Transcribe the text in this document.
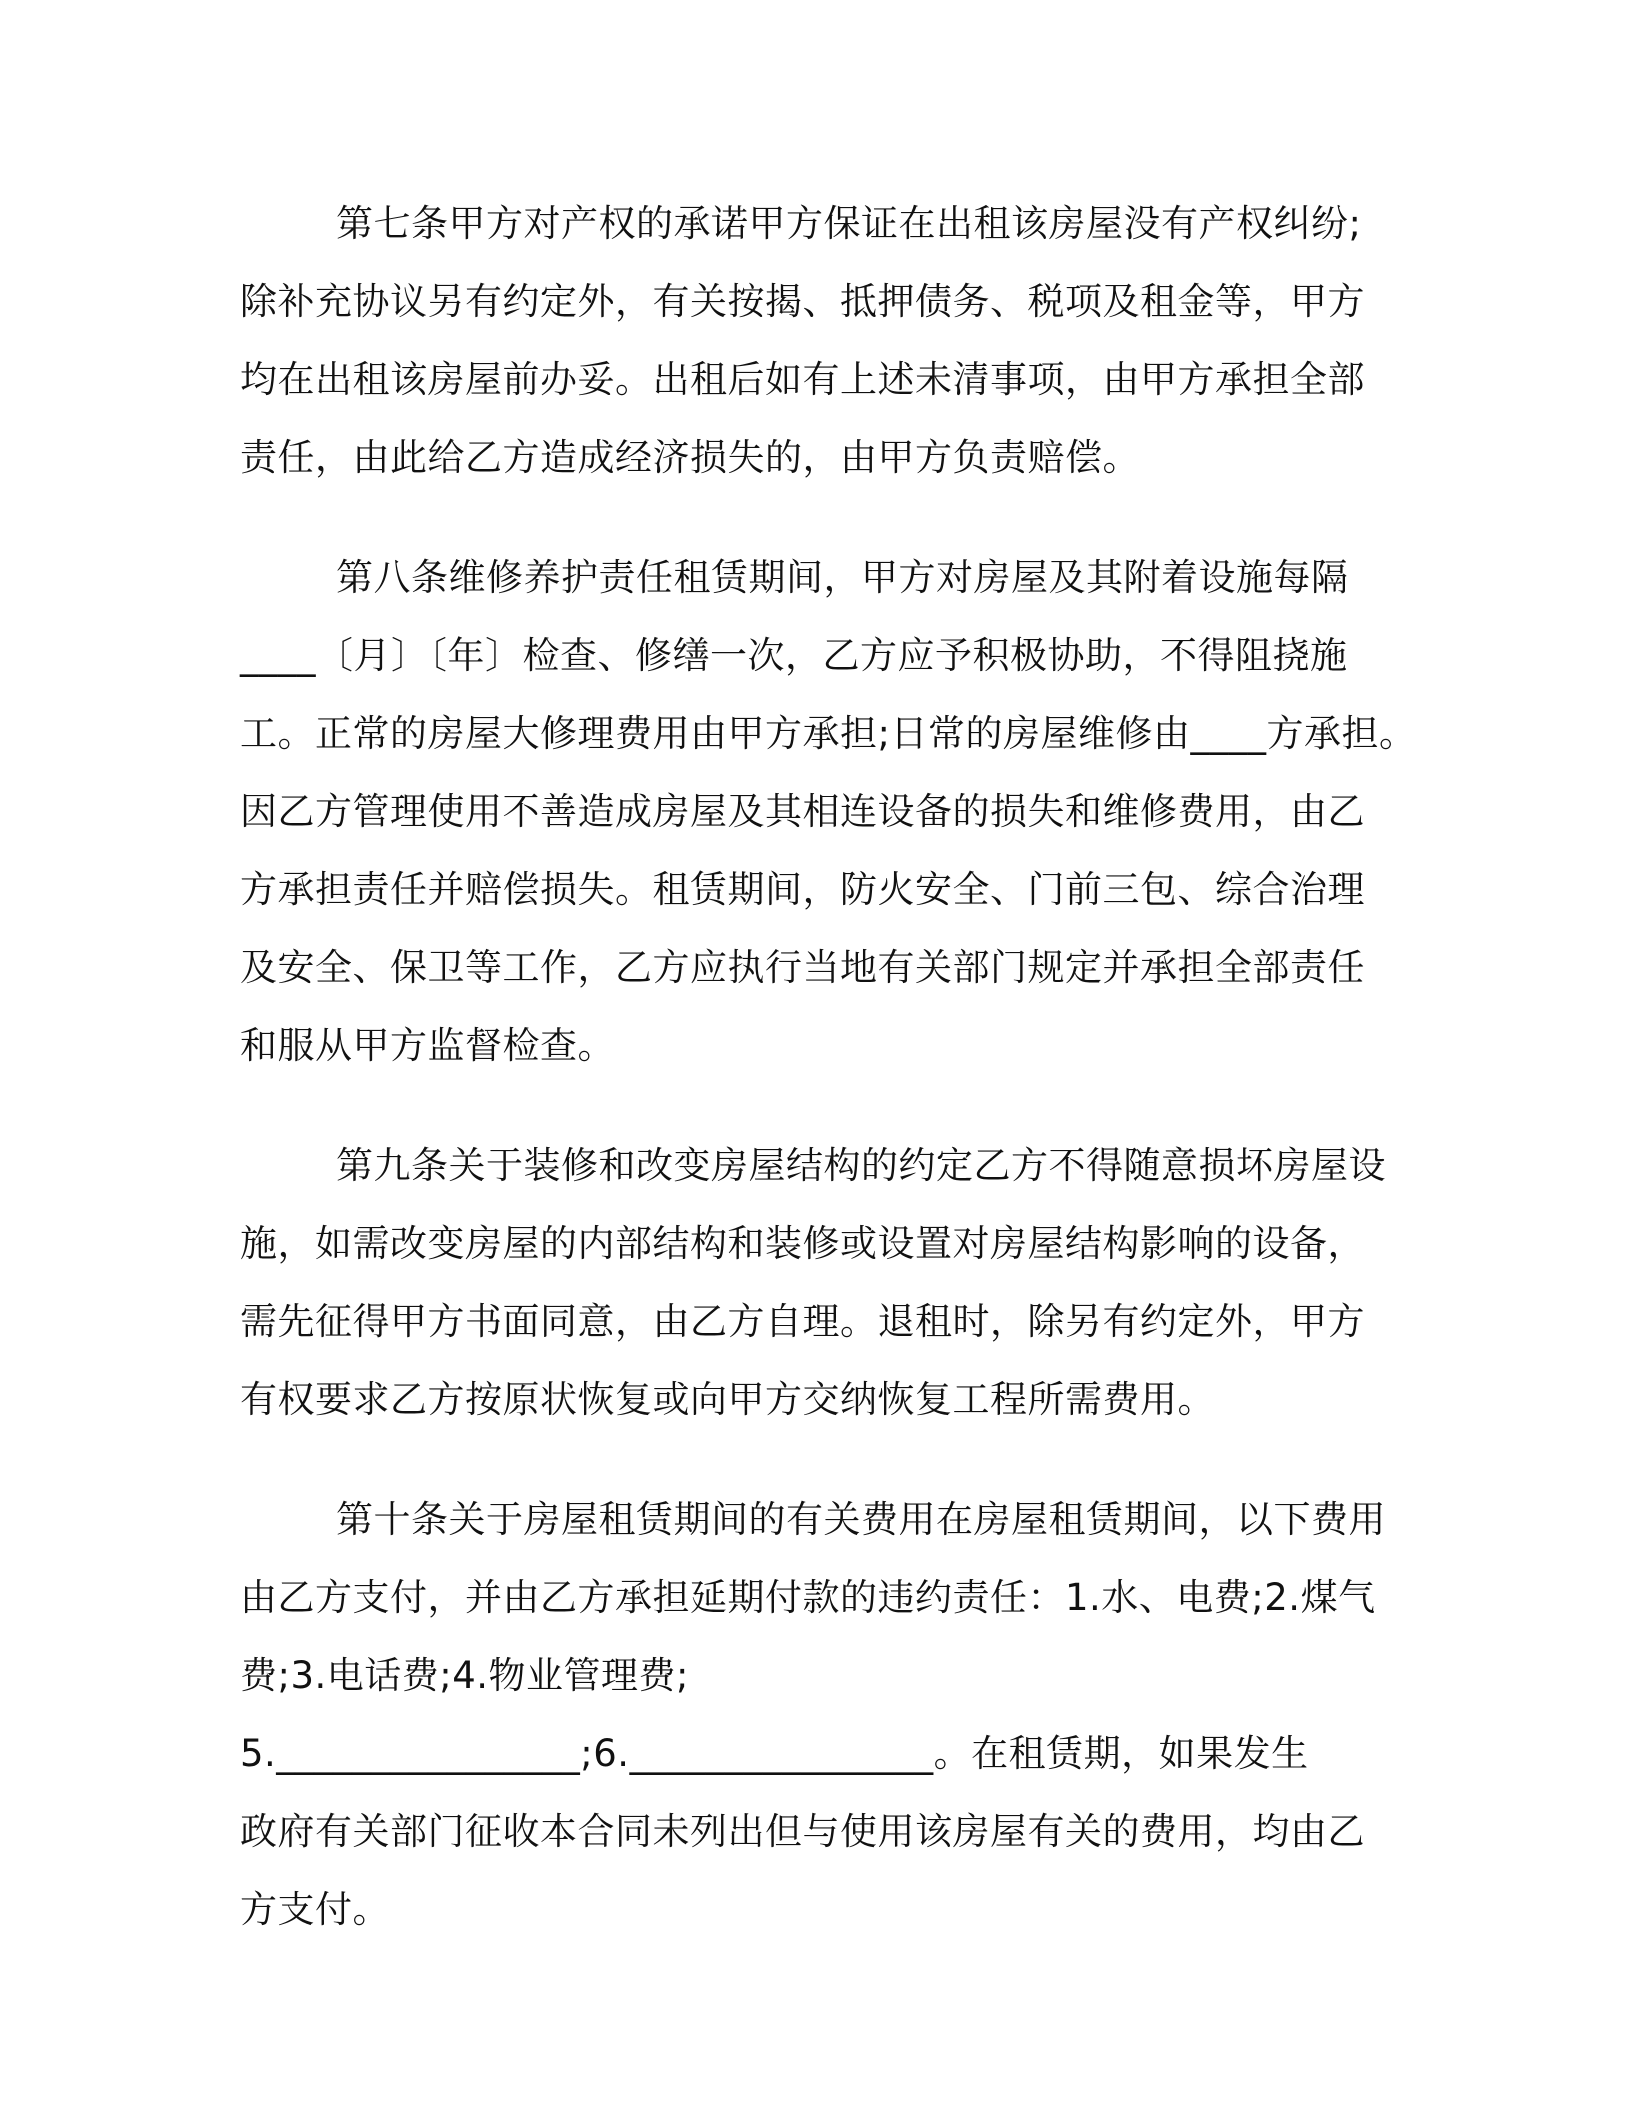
第七条甲方对产权的承诺甲方保证在出租该房屋没有产权纠纷;
除补充协议另有约定外，有关按揭、抵押债务、税项及租金等，甲方
均在出租该房屋前办妥。出租后如有上述未清事项，由甲方承担全部
责任，由此给乙方造成经济损失的，由甲方负责赔偿。
第八条维修养护责任租赁期间，甲方对房屋及其附着设施每隔
____〔月〕〔年〕检查、修缮一次，乙方应予积极协助，不得阻挠施
工。正常的房屋大修理费用由甲方承担;日常的房屋维修由____方承担。
因乙方管理使用不善造成房屋及其相连设备的损失和维修费用，由乙
方承担责任并赔偿损失。租赁期间，防火安全、门前三包、综合治理
及安全、保卫等工作，乙方应执行当地有关部门规定并承担全部责任
和服从甲方监督检查。
第九条关于装修和改变房屋结构的约定乙方不得随意损坏房屋设
施，如需改变房屋的内部结构和装修或设置对房屋结构影响的设备，
需先征得甲方书面同意，由乙方自理。退租时，除另有约定外，甲方
有权要求乙方按原状恢复或向甲方交纳恢复工程所需费用。
第十条关于房屋租赁期间的有关费用在房屋租赁期间，以下费用
由乙方支付，并由乙方承担延期付款的违约责任：1.水、电费;2.煤气
费;3.电话费;4.物业管理费;
5.________________;6.________________。在租赁期，如果发生
政府有关部门征收本合同未列出但与使用该房屋有关的费用，均由乙
方支付。
